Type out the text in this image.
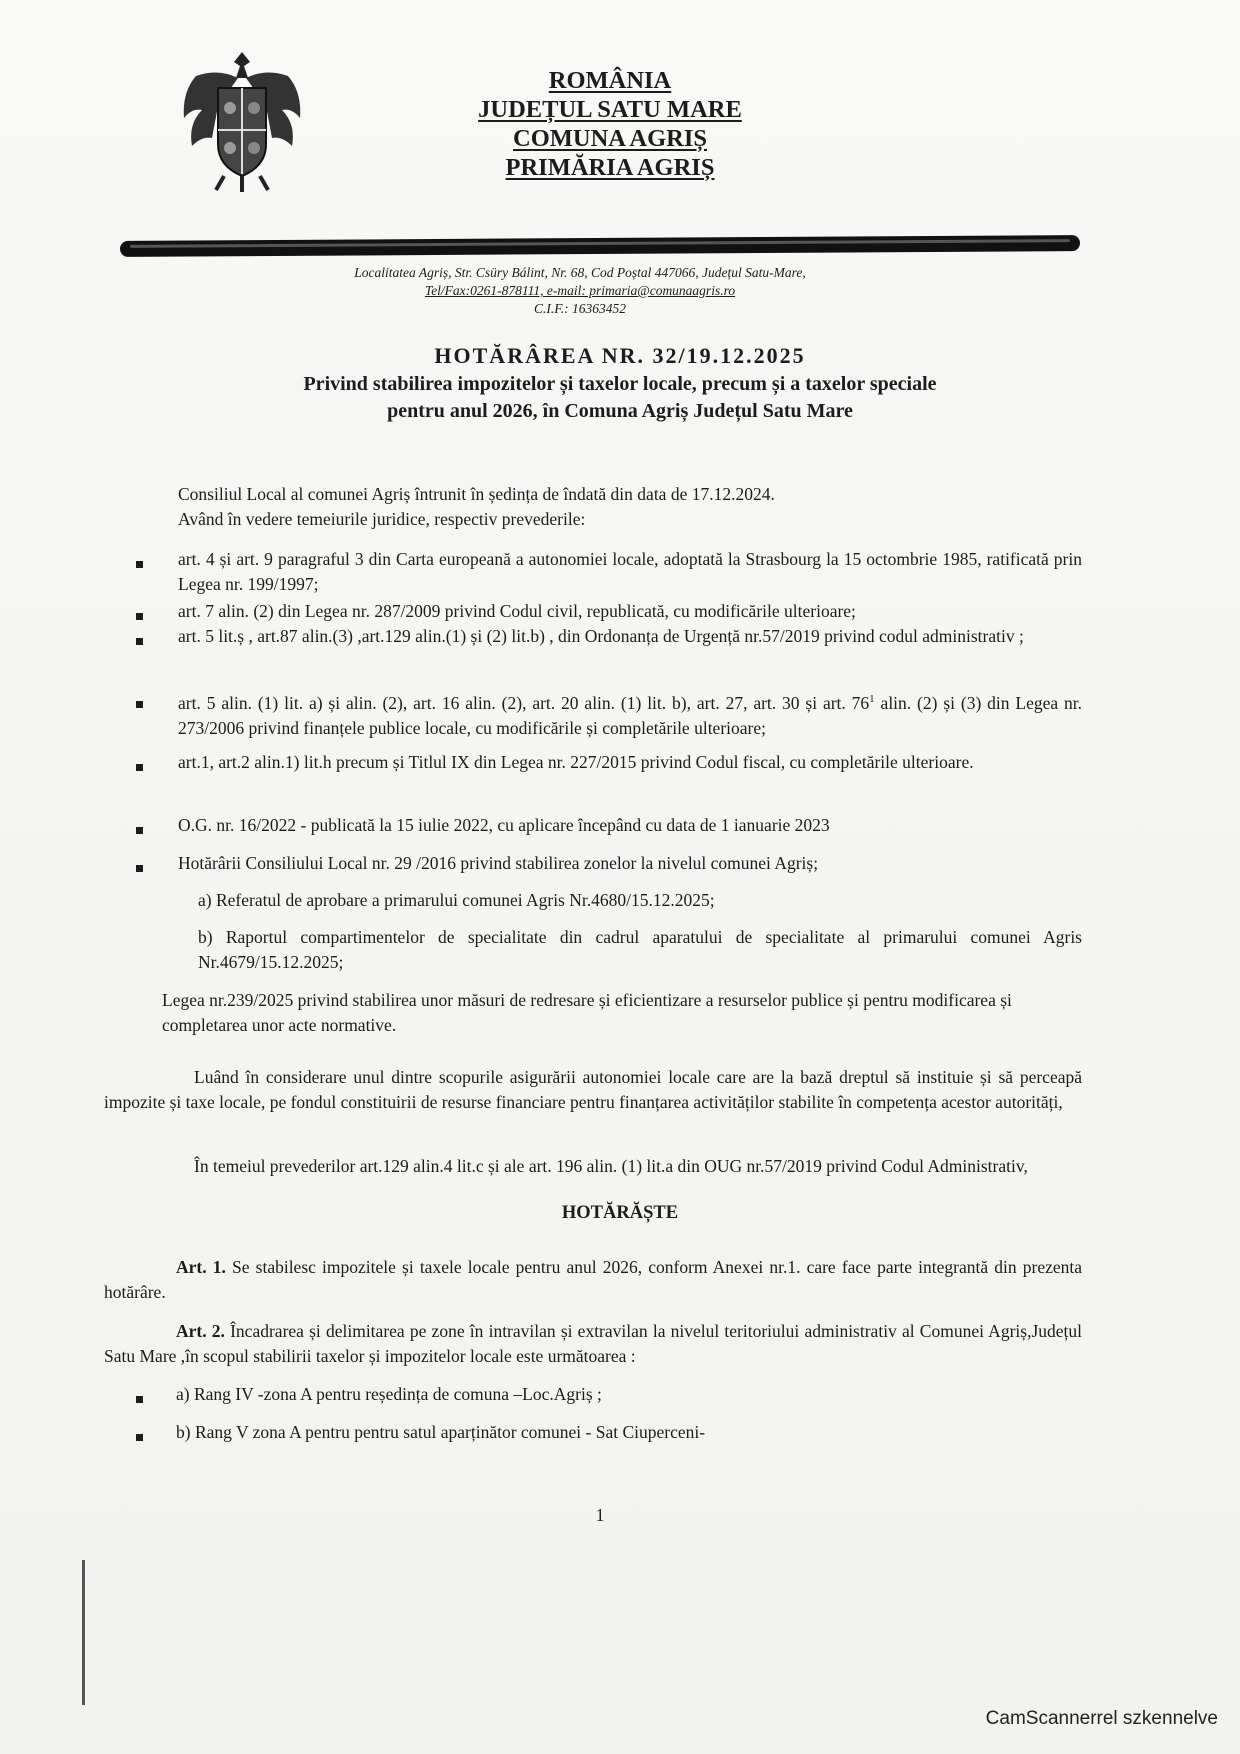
ROMÂNIA
JUDEȚUL SATU MARE
COMUNA AGRIȘ
PRIMĂRIA AGRIȘ
Localitatea Agriș, Str. Csüry Bálint, Nr. 68, Cod Poștal 447066, Județul Satu-Mare,
Tel/Fax:0261-878111, e-mail: primaria@comunaagris.ro
C.I.F.: 16363452
HOTĂRÂREA NR. 32/19.12.2025
Privind stabilirea impozitelor și taxelor locale, precum și a taxelor speciale
pentru anul 2026, în Comuna Agriș Județul Satu Mare
Consiliul Local al comunei Agriș întrunit în ședința de îndată din data de 17.12.2024.
Având în vedere temeiurile juridice, respectiv prevederile:
art. 4 și art. 9 paragraful 3 din Carta europeană a autonomiei locale, adoptată la Strasbourg la 15 octombrie 1985, ratificată prin Legea nr. 199/1997;
art. 7 alin. (2) din Legea nr. 287/2009 privind Codul civil, republicată, cu modificările ulterioare;
art. 5 lit.ș , art.87 alin.(3) ,art.129 alin.(1) și (2) lit.b) , din Ordonanța de Urgență nr.57/2019 privind codul administrativ ;
art. 5 alin. (1) lit. a) și alin. (2), art. 16 alin. (2), art. 20 alin. (1) lit. b), art. 27, art. 30 și art. $76^1$ alin. (2) și (3) din Legea nr. 273/2006 privind finanțele publice locale, cu modificările și completările ulterioare;
art.1, art.2 alin.1) lit.h precum și Titlul IX din Legea nr. 227/2015 privind Codul fiscal, cu completările ulterioare.
O.G. nr. 16/2022 - publicată la 15 iulie 2022, cu aplicare începând cu data de 1 ianuarie 2023
Hotărârii Consiliului Local nr. 29 /2016 privind stabilirea zonelor la nivelul comunei Agriș;
a) Referatul de aprobare a primarului comunei Agris Nr.4680/15.12.2025;
b) Raportul compartimentelor de specialitate din cadrul aparatului de specialitate al primarului comunei Agris Nr.4679/15.12.2025;
Legea nr.239/2025 privind stabilirea unor măsuri de redresare și eficientizare a resurselor publice și pentru modificarea și completarea unor acte normative.
Luând în considerare unul dintre scopurile asigurării autonomiei locale care are la bază dreptul să instituie și să perceapă impozite și taxe locale, pe fondul constituirii de resurse financiare pentru finanțarea activităților stabilite în competența acestor autorități,
În temeiul prevederilor art.129 alin.4 lit.c și ale art. 196 alin. (1) lit.a din OUG nr.57/2019 privind Codul Administrativ,
HOTĂRĂȘTE
Art. 1. Se stabilesc impozitele și taxele locale pentru anul 2026, conform Anexei nr.1. care face parte integrantă din prezenta hotărâre.
Art. 2. Încadrarea și delimitarea pe zone în intravilan și extravilan la nivelul teritoriului administrativ al Comunei Agriș,Județul Satu Mare ,în scopul stabilirii taxelor și impozitelor locale este următoarea :
a) Rang IV -zona A pentru reședința de comuna –Loc.Agriș ;
b) Rang V zona A pentru pentru satul aparținător comunei - Sat Ciuperceni-
1
CamScannerrel szkennelve
